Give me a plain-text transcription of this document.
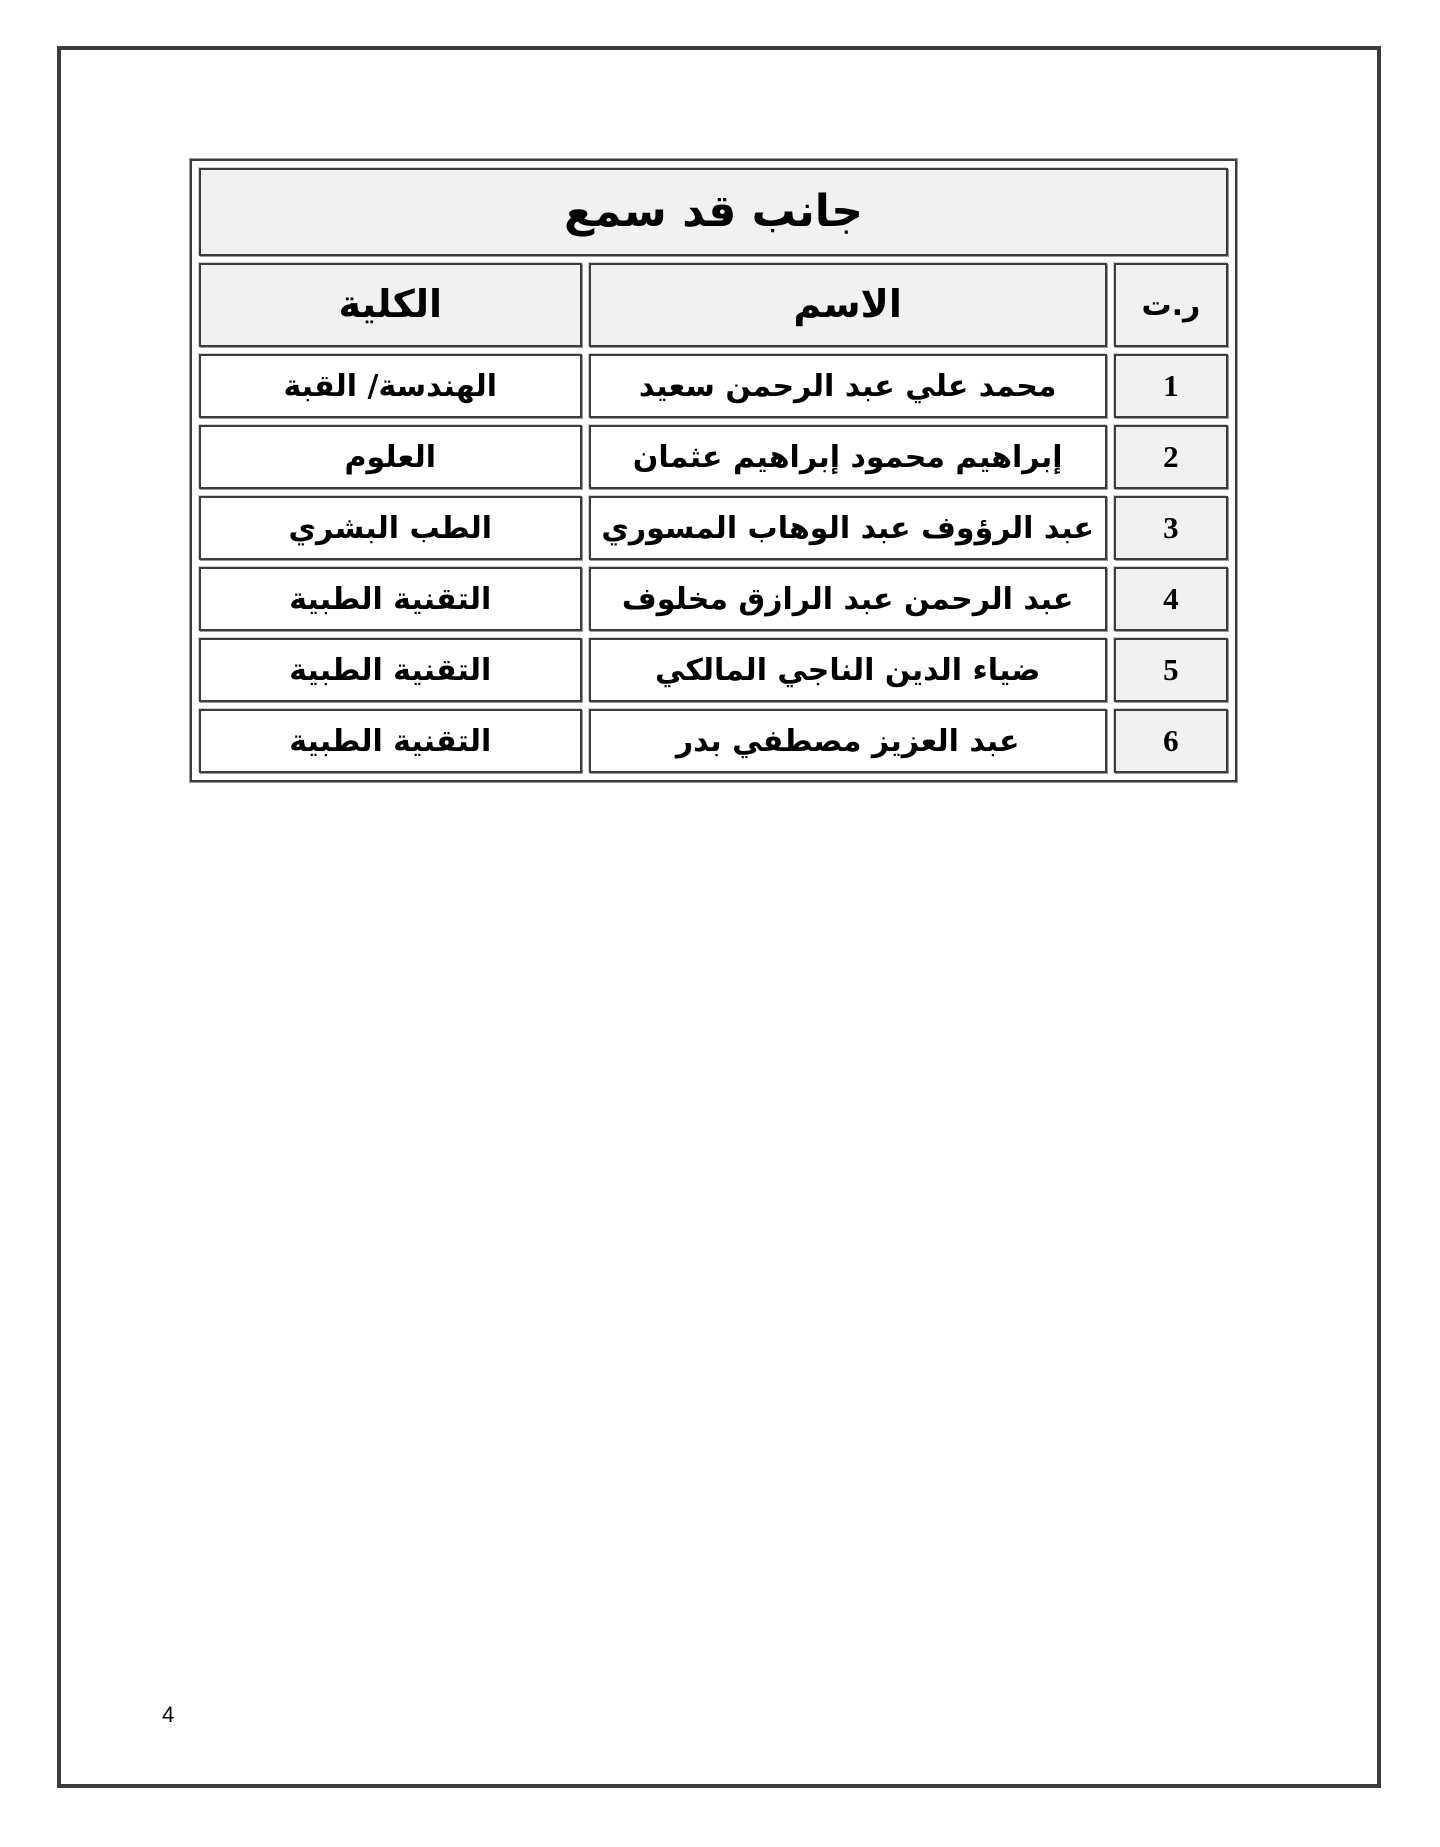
جانب قد سمع		
ر.ت	الاسم	الكلية
1	محمد علي عبد الرحمن سعيد	الهندسة/ القبة
2	إبراهيم محمود إبراهيم عثمان	العلوم
3	عبد الرؤوف عبد الوهاب المسوري	الطب البشري
4	عبد الرحمن عبد الرازق مخلوف	التقنية الطبية
5	ضياء الدين الناجي المالكي	التقنية الطبية
6	عبد العزيز مصطفي بدر	التقنية الطبية
4
